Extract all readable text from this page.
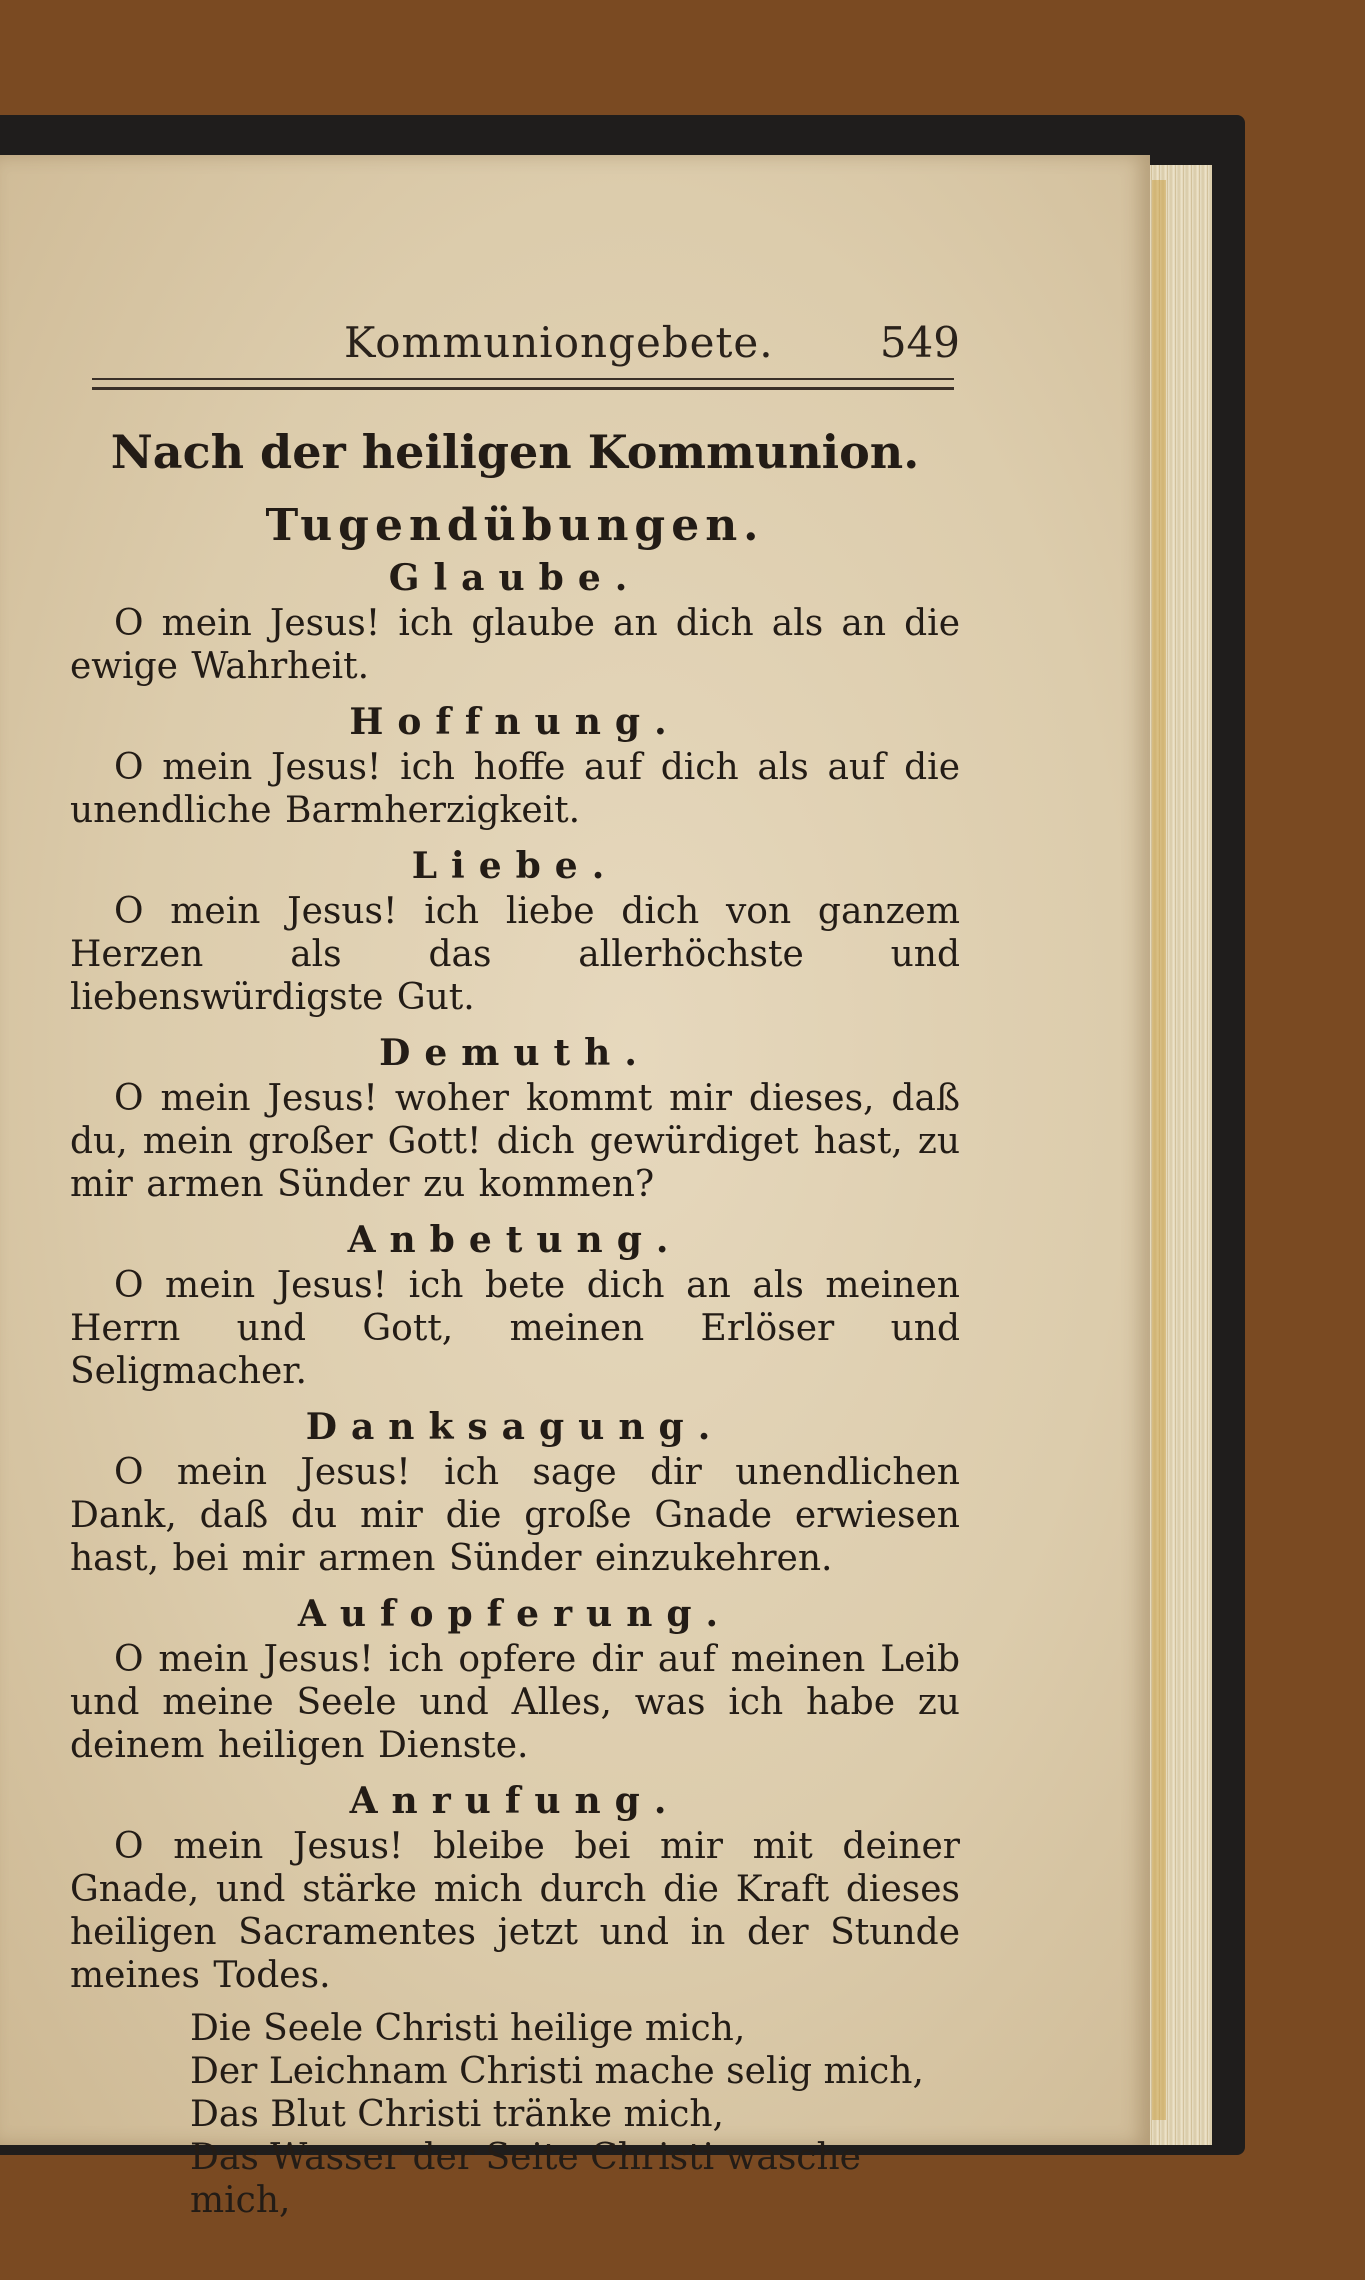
Kommuniongebete.	549
Nach der heiligen Kommunion.
Tugendübungen.
Glaube.

O mein Jesus! ich glaube an dich als an die ewige Wahrheit.

Hoffnung.

O mein Jesus! ich hoffe auf dich als auf die unendliche Barmherzigkeit.

Liebe.

O mein Jesus! ich liebe dich von ganzem Herzen als das allerhöchste und liebenswürdigste Gut.

Demuth.

O mein Jesus! woher kommt mir dieses, daß du, mein großer Gott! dich gewürdiget hast, zu mir armen Sünder zu kommen?

Anbetung.

O mein Jesus! ich bete dich an als meinen Herrn und Gott, meinen Erlöser und Seligmacher.

Danksagung.

O mein Jesus! ich sage dir unendlichen Dank, daß du mir die große Gnade erwiesen hast, bei mir armen Sünder einzukehren.

Aufopferung.

O mein Jesus! ich opfere dir auf meinen Leib und meine Seele und Alles, was ich habe zu deinem heiligen Dienste.

Anrufung.

O mein Jesus! bleibe bei mir mit deiner Gnade, und stärke mich durch die Kraft dieses heiligen Sacramentes jetzt und in der Stunde meines Todes.

Die Seele Christi heilige mich,

Der Leichnam Christi mache selig mich,

Das Blut Christi tränke mich,

Das Wasser der Seite Christi wasche mich,
